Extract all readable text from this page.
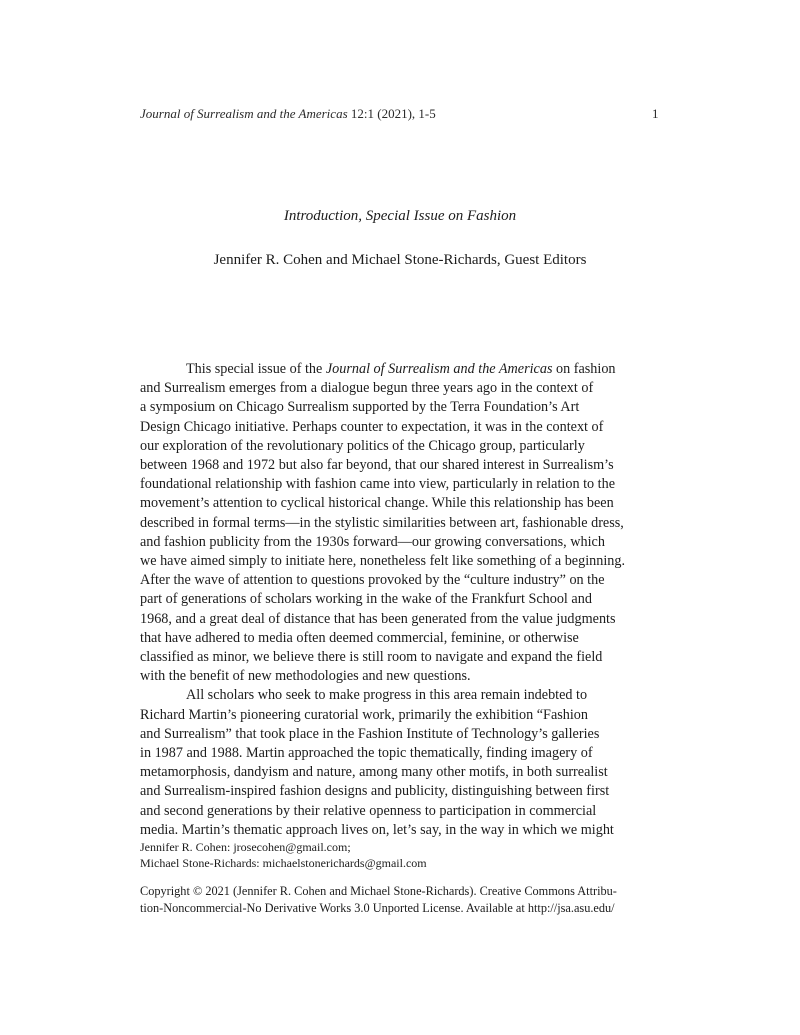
Journal of Surrealism and the Americas 12:1 (2021), 1-5	1
Introduction, Special Issue on Fashion
Jennifer R. Cohen and Michael Stone-Richards, Guest Editors

This special issue of the Journal of Surrealism and the Americas on fashion
and Surrealism emerges from a dialogue begun three years ago in the context of
a symposium on Chicago Surrealism supported by the Terra Foundation’s Art
Design Chicago initiative. Perhaps counter to expectation, it was in the context of
our exploration of the revolutionary politics of the Chicago group, particularly
between 1968 and 1972 but also far beyond, that our shared interest in Surrealism’s
foundational relationship with fashion came into view, particularly in relation to the
movement’s attention to cyclical historical change. While this relationship has been
described in formal terms—in the stylistic similarities between art, fashionable dress,
and fashion publicity from the 1930s forward—our growing conversations, which
we have aimed simply to initiate here, nonetheless felt like something of a beginning.
After the wave of attention to questions provoked by the “culture industry” on the
part of generations of scholars working in the wake of the Frankfurt School and
1968, and a great deal of distance that has been generated from the value judgments
that have adhered to media often deemed commercial, feminine, or otherwise
classified as minor, we believe there is still room to navigate and expand the field
with the benefit of new methodologies and new questions.

All scholars who seek to make progress in this area remain indebted to
Richard Martin’s pioneering curatorial work, primarily the exhibition “Fashion
and Surrealism” that took place in the Fashion Institute of Technology’s galleries
in 1987 and 1988. Martin approached the topic thematically, finding imagery of
metamorphosis, dandyism and nature, among many other motifs, in both surrealist
and Surrealism-inspired fashion designs and publicity, distinguishing between first
and second generations by their relative openness to participation in commercial
media. Martin’s thematic approach lives on, let’s say, in the way in which we might

Jennifer R. Cohen: jrosecohen@gmail.com;
Michael Stone-Richards: michaelstonerichards@gmail.com
Copyright © 2021 (Jennifer R. Cohen and Michael Stone-Richards). Creative Commons Attribu-
tion-Noncommercial-No Derivative Works 3.0 Unported License. Available at http://jsa.asu.edu/
